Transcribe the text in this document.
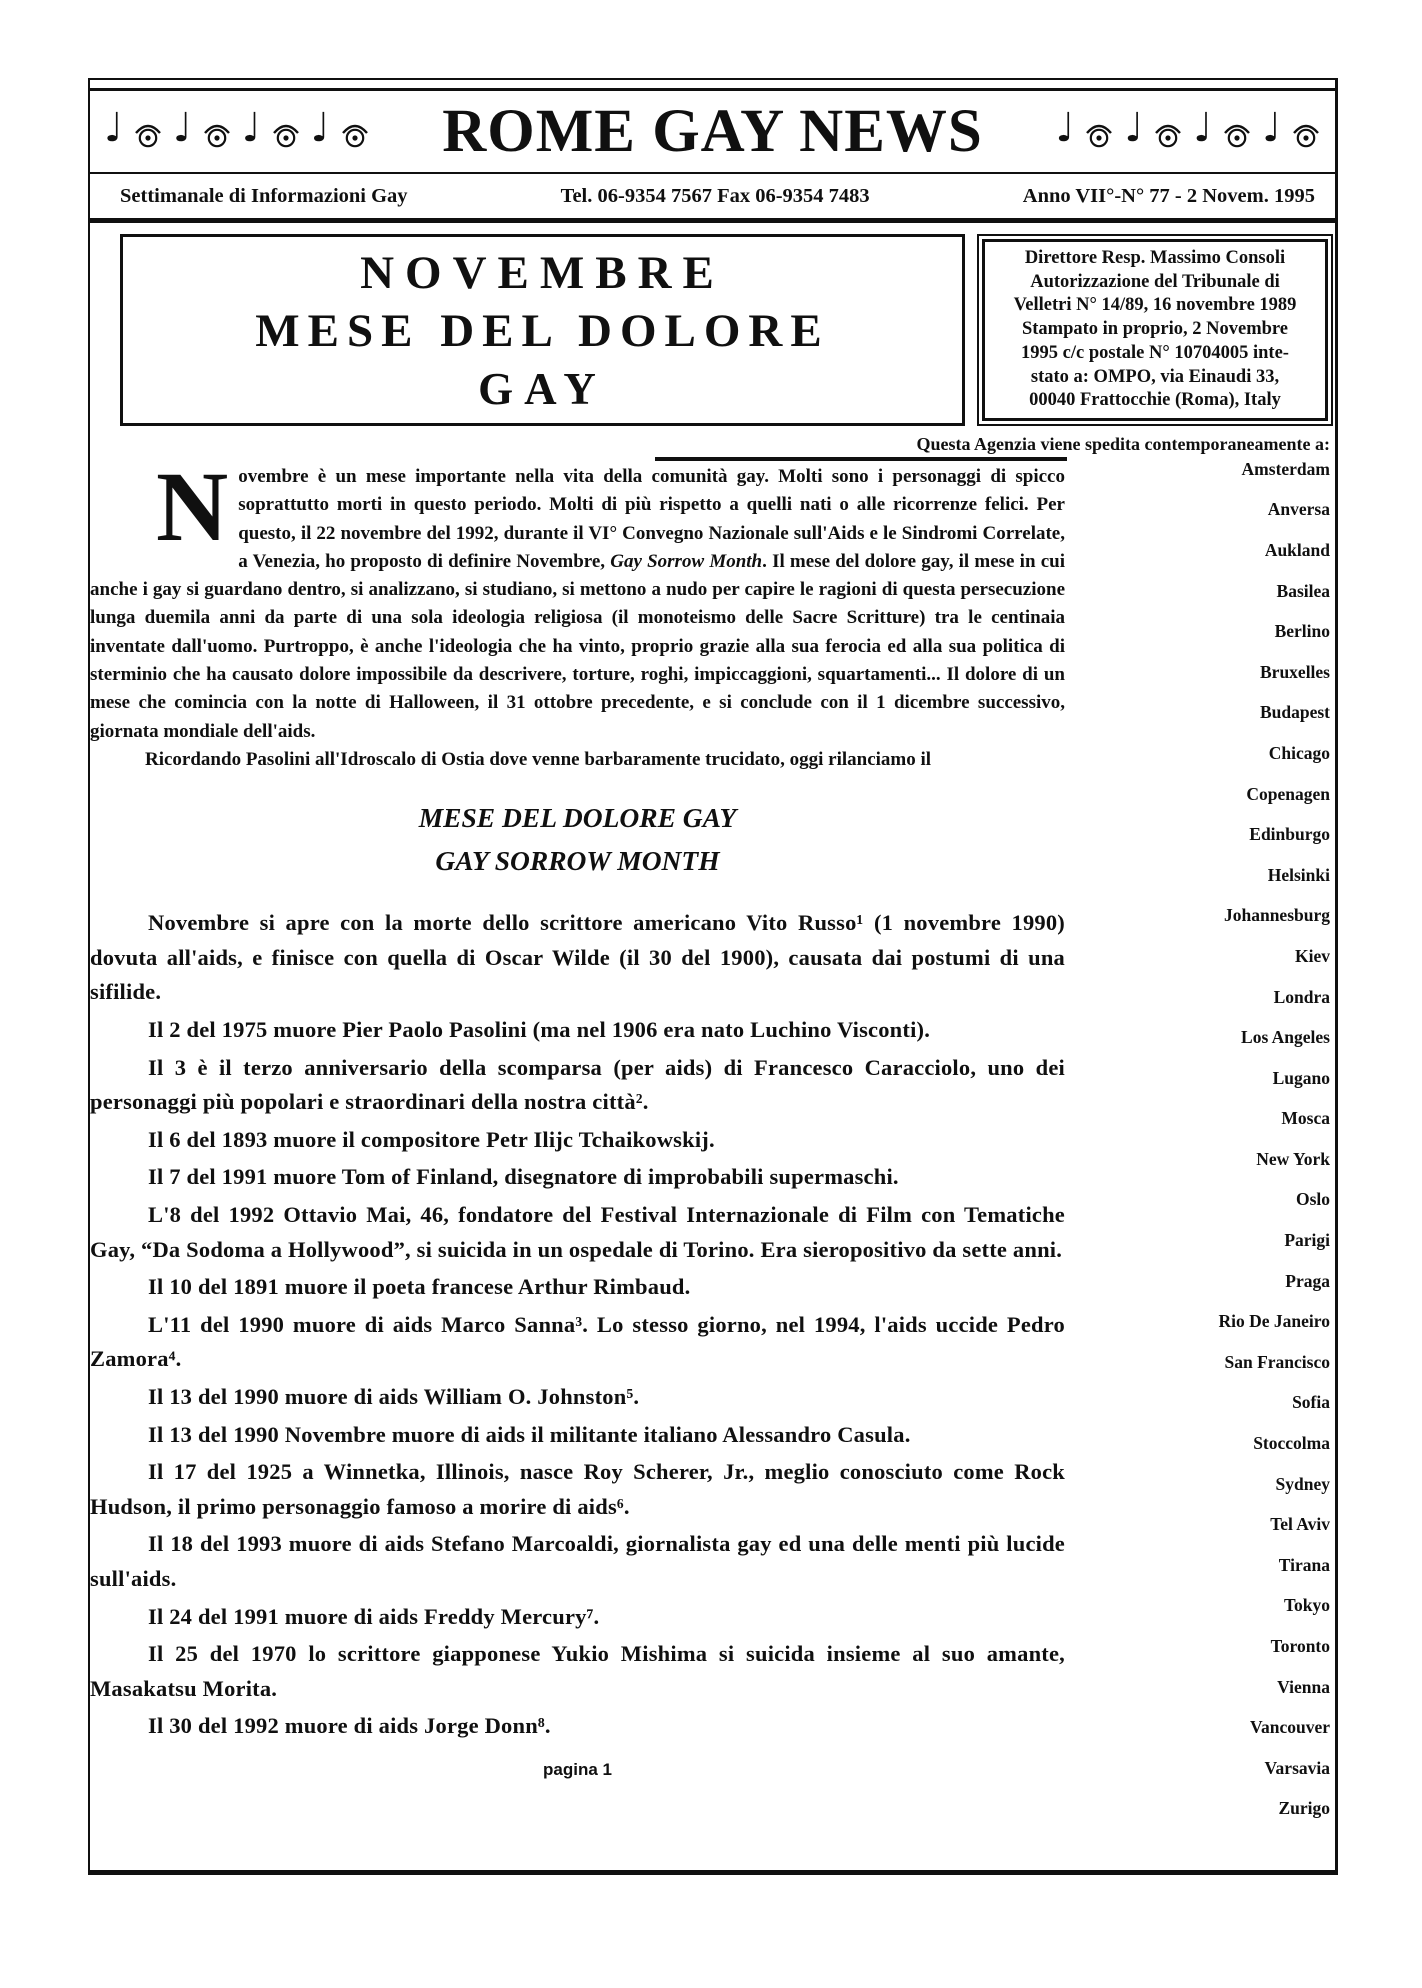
♩ ♩ ♩ ♩	ROME GAY NEWS	♩ ♩ ♩ ♩
Settimanale di Informazioni Gay	Tel. 06-9354 7567 Fax 06-9354 7483	Anno VII°-N° 77 - 2 Novem. 1995
NOVEMBRE
MESE DEL DOLORE
GAY
Direttore Resp. Massimo Consoli
Autorizzazione del Tribunale di
Velletri N° 14/89, 16 novembre 1989
Stampato in proprio, 2 Novembre
1995 c/c postale N° 10704005 inte-
stato a: OMPO, via Einaudi 33,
00040 Frattocchie (Roma), Italy
Questa Agenzia viene spedita contemporaneamente a:

Novembre è un mese importante nella vita della comunità gay. Molti sono i personaggi di spicco soprattutto morti in questo periodo. Molti di più rispetto a quelli nati o alle ricorrenze felici. Per questo, il 22 novembre del 1992, durante il VI° Convegno Nazionale sull'Aids e le Sindromi Correlate, a Venezia, ho proposto di definire Novembre, Gay Sorrow Month. Il mese del dolore gay, il mese in cui anche i gay si guardano dentro, si analizzano, si studiano, si mettono a nudo per capire le ragioni di questa persecuzione lunga duemila anni da parte di una sola ideologia religiosa (il monoteismo delle Sacre Scritture) tra le centinaia inventate dall'uomo. Purtroppo, è anche l'ideologia che ha vinto, proprio grazie alla sua ferocia ed alla sua politica di sterminio che ha causato dolore impossibile da descrivere, torture, roghi, impiccaggioni, squartamenti... Il dolore di un mese che comincia con la notte di Halloween, il 31 ottobre precedente, e si conclude con il 1 dicembre successivo, giornata mondiale dell'aids.

Ricordando Pasolini all'Idroscalo di Ostia dove venne barbaramente trucidato, oggi rilanciamo il

MESE DEL DOLORE GAY
GAY SORROW MONTH

Novembre si apre con la morte dello scrittore americano Vito Russo¹ (1 novembre 1990) dovuta all'aids, e finisce con quella di Oscar Wilde (il 30 del 1900), causata dai postumi di una sifilide.

Il 2 del 1975 muore Pier Paolo Pasolini (ma nel 1906 era nato Luchino Visconti).

Il 3 è il terzo anniversario della scomparsa (per aids) di Francesco Caracciolo, uno dei personaggi più popolari e straordinari della nostra città².

Il 6 del 1893 muore il compositore Petr Ilijc Tchaikowskij.

Il 7 del 1991 muore Tom of Finland, disegnatore di improbabili supermaschi.

L'8 del 1992 Ottavio Mai, 46, fondatore del Festival Internazionale di Film con Tematiche Gay, “Da Sodoma a Hollywood”, si suicida in un ospedale di Torino. Era sieropositivo da sette anni.

Il 10 del 1891 muore il poeta francese Arthur Rimbaud.

L'11 del 1990 muore di aids Marco Sanna³. Lo stesso giorno, nel 1994, l'aids uccide Pedro Zamora⁴.

Il 13 del 1990 muore di aids William O. Johnston⁵.

Il 13 del 1990 Novembre muore di aids il militante italiano Alessandro Casula.

Il 17 del 1925 a Winnetka, Illinois, nasce Roy Scherer, Jr., meglio conosciuto come Rock Hudson, il primo personaggio famoso a morire di aids⁶.

Il 18 del 1993 muore di aids Stefano Marcoaldi, giornalista gay ed una delle menti più lucide sull'aids.

Il 24 del 1991 muore di aids Freddy Mercury⁷.

Il 25 del 1970 lo scrittore giapponese Yukio Mishima si suicida insieme al suo amante, Masakatsu Morita.

Il 30 del 1992 muore di aids Jorge Donn⁸.

pagina 1
Amsterdam
Anversa
Aukland
Basilea
Berlino
Bruxelles
Budapest
Chicago
Copenagen
Edinburgo
Helsinki
Johannesburg
Kiev
Londra
Los Angeles
Lugano
Mosca
New York
Oslo
Parigi
Praga
Rio De Janeiro
San Francisco
Sofia
Stoccolma
Sydney
Tel Aviv
Tirana
Tokyo
Toronto
Vienna
Vancouver
Varsavia
Zurigo
